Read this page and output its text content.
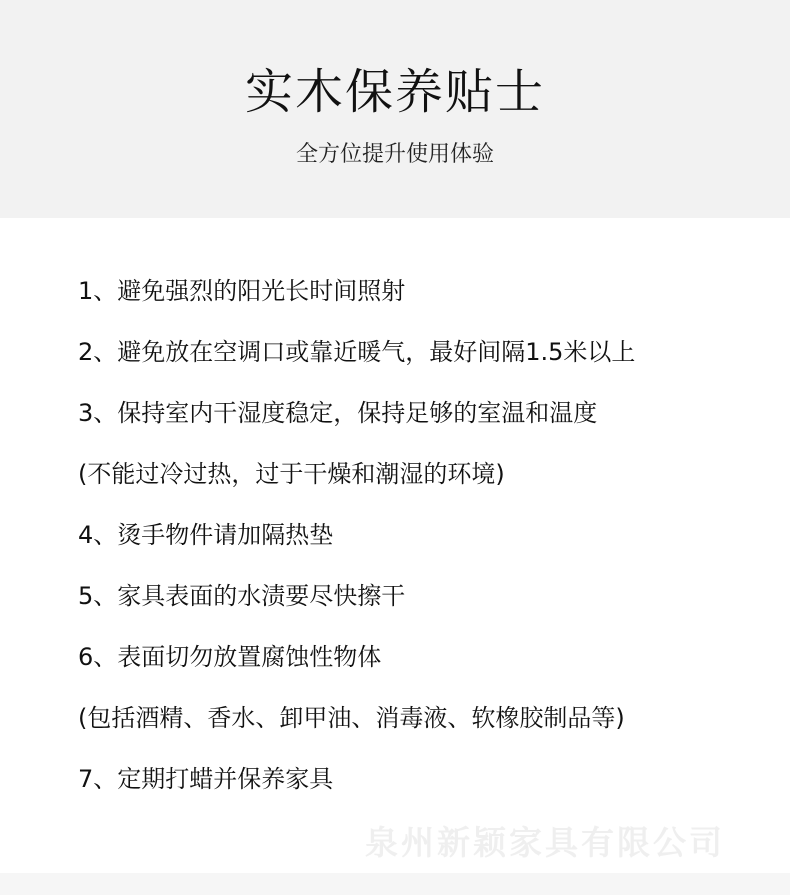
实木保养贴士
全方位提升使用体验
1、避免强烈的阳光长时间照射
2、避免放在空调口或靠近暖气，最好间隔1.5米以上
3、保持室内干湿度稳定，保持足够的室温和温度
(不能过冷过热，过于干燥和潮湿的环境)
4、烫手物件请加隔热垫
5、家具表面的水渍要尽快擦干
6、表面切勿放置腐蚀性物体
(包括酒精、香水、卸甲油、消毒液、软橡胶制品等)
7、定期打蜡并保养家具
泉州新颖家具有限公司
